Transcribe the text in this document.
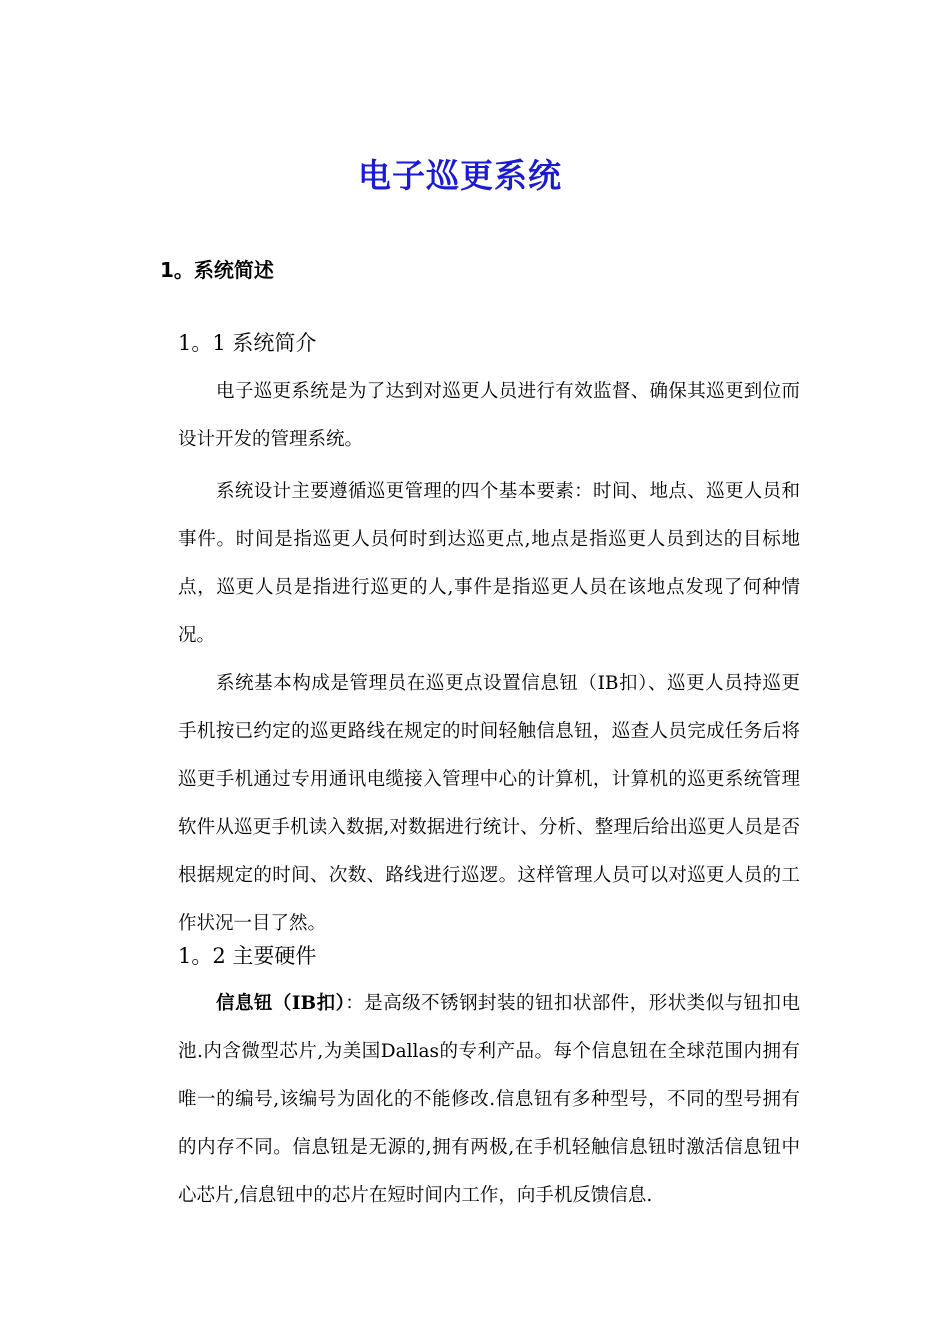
电子巡更系统
1。系统简述
1。1 系统简介

电子巡更系统是为了达到对巡更人员进行有效监督、确保其巡更到位而设计开发的管理系统。

系统设计主要遵循巡更管理的四个基本要素：时间、地点、巡更人员和事件。时间是指巡更人员何时到达巡更点,地点是指巡更人员到达的目标地点，巡更人员是指进行巡更的人,事件是指巡更人员在该地点发现了何种情况。

系统基本构成是管理员在巡更点设置信息钮（IB扣）、巡更人员持巡更手机按已约定的巡更路线在规定的时间轻触信息钮，巡查人员完成任务后将巡更手机通过专用通讯电缆接入管理中心的计算机，计算机的巡更系统管理软件从巡更手机读入数据,对数据进行统计、分析、整理后给出巡更人员是否根据规定的时间、次数、路线进行巡逻。这样管理人员可以对巡更人员的工作状况一目了然。

1。2 主要硬件

信息钮（IB扣）：是高级不锈钢封装的钮扣状部件，形状类似与钮扣电池.内含微型芯片,为美国Dallas的专利产品。每个信息钮在全球范围内拥有唯一的编号,该编号为固化的不能修改.信息钮有多种型号，不同的型号拥有的内存不同。信息钮是无源的,拥有两极,在手机轻触信息钮时激活信息钮中心芯片,信息钮中的芯片在短时间内工作，向手机反馈信息.
